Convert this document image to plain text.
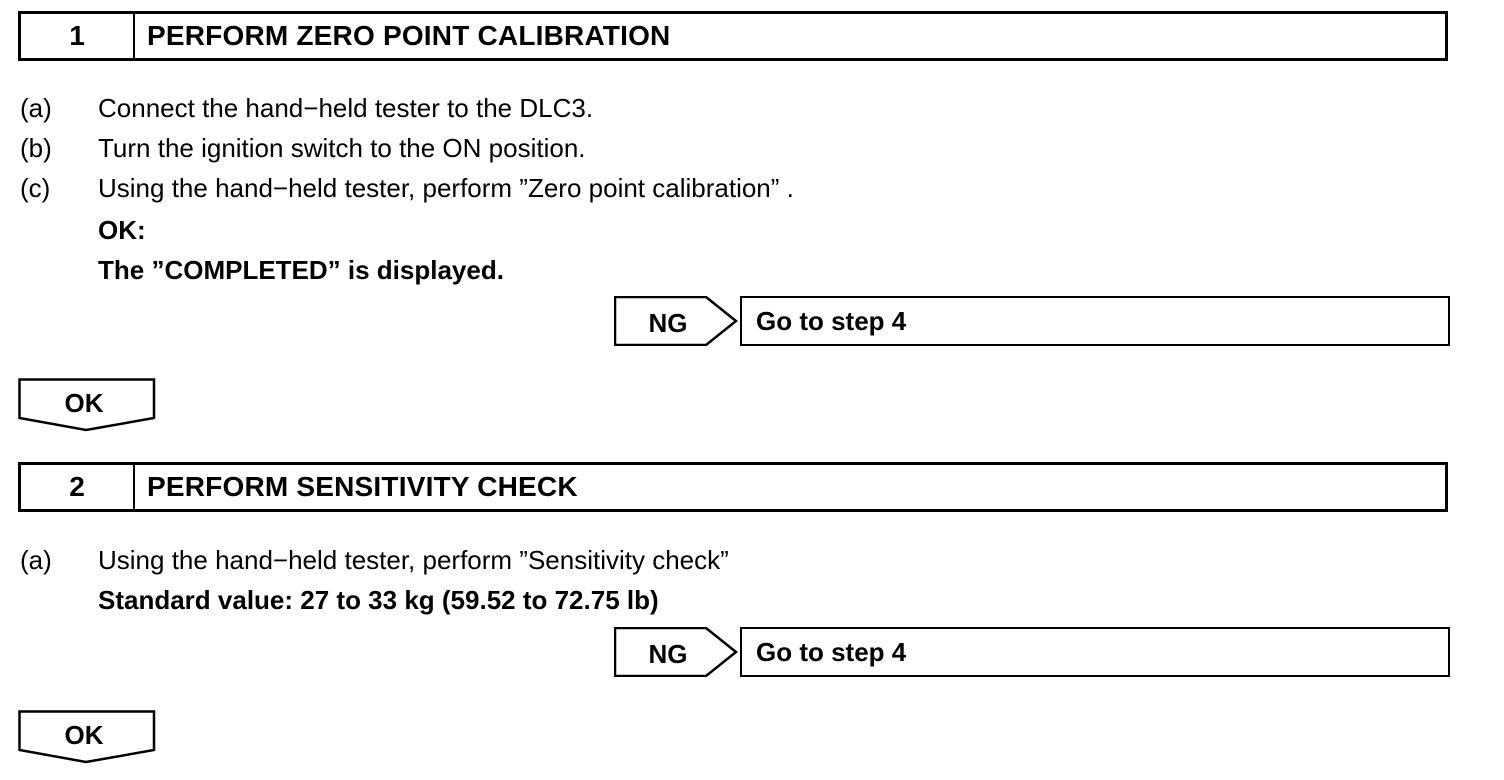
1	PERFORM ZERO POINT CALIBRATION
(a) Connect the hand−held tester to the DLC3.
(b) Turn the ignition switch to the ON position.
(c) Using the hand−held tester, perform ”Zero point calibration” .
OK:
The ”COMPLETED” is displayed.
NG	Go to step 4
OK
2	PERFORM SENSITIVITY CHECK
(a) Using the hand−held tester, perform ”Sensitivity check”
Standard value: 27 to 33 kg (59.52 to 72.75 lb)
NG	Go to step 4
OK
